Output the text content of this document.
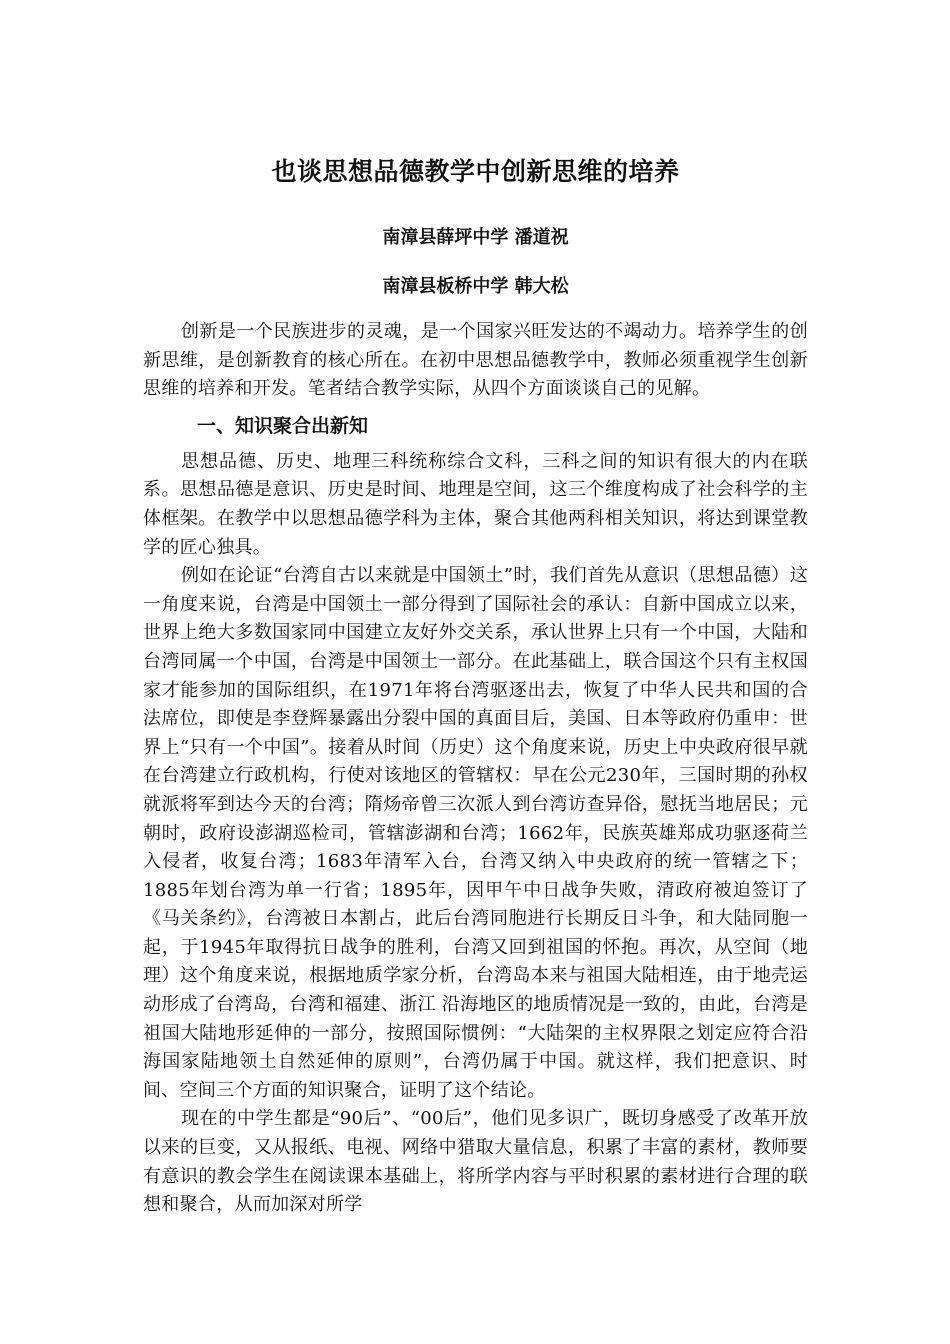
也谈思想品德教学中创新思维的培养

南漳县薛坪中学 潘道祝

南漳县板桥中学 韩大松

创新是一个民族进步的灵魂，是一个国家兴旺发达的不竭动力。培养学生的创新思维，是创新教育的核心所在。在初中思想品德教学中，教师必须重视学生创新思维的培养和开发。笔者结合教学实际，从四个方面谈谈自己的见解。

一、知识聚合出新知

思想品德、历史、地理三科统称综合文科，三科之间的知识有很大的内在联系。思想品德是意识、历史是时间、地理是空间，这三个维度构成了社会科学的主体框架。在教学中以思想品德学科为主体，聚合其他两科相关知识，将达到课堂教学的匠心独具。

例如在论证“台湾自古以来就是中国领土”时，我们首先从意识（思想品德）这一角度来说，台湾是中国领土一部分得到了国际社会的承认：自新中国成立以来，世界上绝大多数国家同中国建立友好外交关系，承认世界上只有一个中国，大陆和台湾同属一个中国，台湾是中国领土一部分。在此基础上，联合国这个只有主权国家才能参加的国际组织，在1971年将台湾驱逐出去，恢复了中华人民共和国的合法席位，即使是李登辉暴露出分裂中国的真面目后，美国、日本等政府仍重申：世界上“只有一个中国”。接着从时间（历史）这个角度来说，历史上中央政府很早就在台湾建立行政机构，行使对该地区的管辖权：早在公元230年，三国时期的孙权就派将军到达今天的台湾；隋炀帝曾三次派人到台湾访查异俗，慰抚当地居民；元朝时，政府设澎湖巡检司，管辖澎湖和台湾；1662年，民族英雄郑成功驱逐荷兰入侵者，收复台湾；1683年清军入台，台湾又纳入中央政府的统一管辖之下；1885年划台湾为单一行省；1895年，因甲午中日战争失败，清政府被迫签订了《马关条约》，台湾被日本割占，此后台湾同胞进行长期反日斗争，和大陆同胞一起，于1945年取得抗日战争的胜利，台湾又回到祖国的怀抱。再次，从空间（地理）这个角度来说，根据地质学家分析，台湾岛本来与祖国大陆相连，由于地壳运动形成了台湾岛，台湾和福建、浙江 沿海地区的地质情况是一致的，由此，台湾是祖国大陆地形延伸的一部分，按照国际惯例：“大陆架的主权界限之划定应符合沿海国家陆地领土自然延伸的原则”，台湾仍属于中国。就这样，我们把意识、时间、空间三个方面的知识聚合，证明了这个结论。

现在的中学生都是“90后”、“00后”，他们见多识广，既切身感受了改革开放以来的巨变，又从报纸、电视、网络中猎取大量信息，积累了丰富的素材，教师要有意识的教会学生在阅读课本基础上，将所学内容与平时积累的素材进行合理的联想和聚合，从而加深对所学
